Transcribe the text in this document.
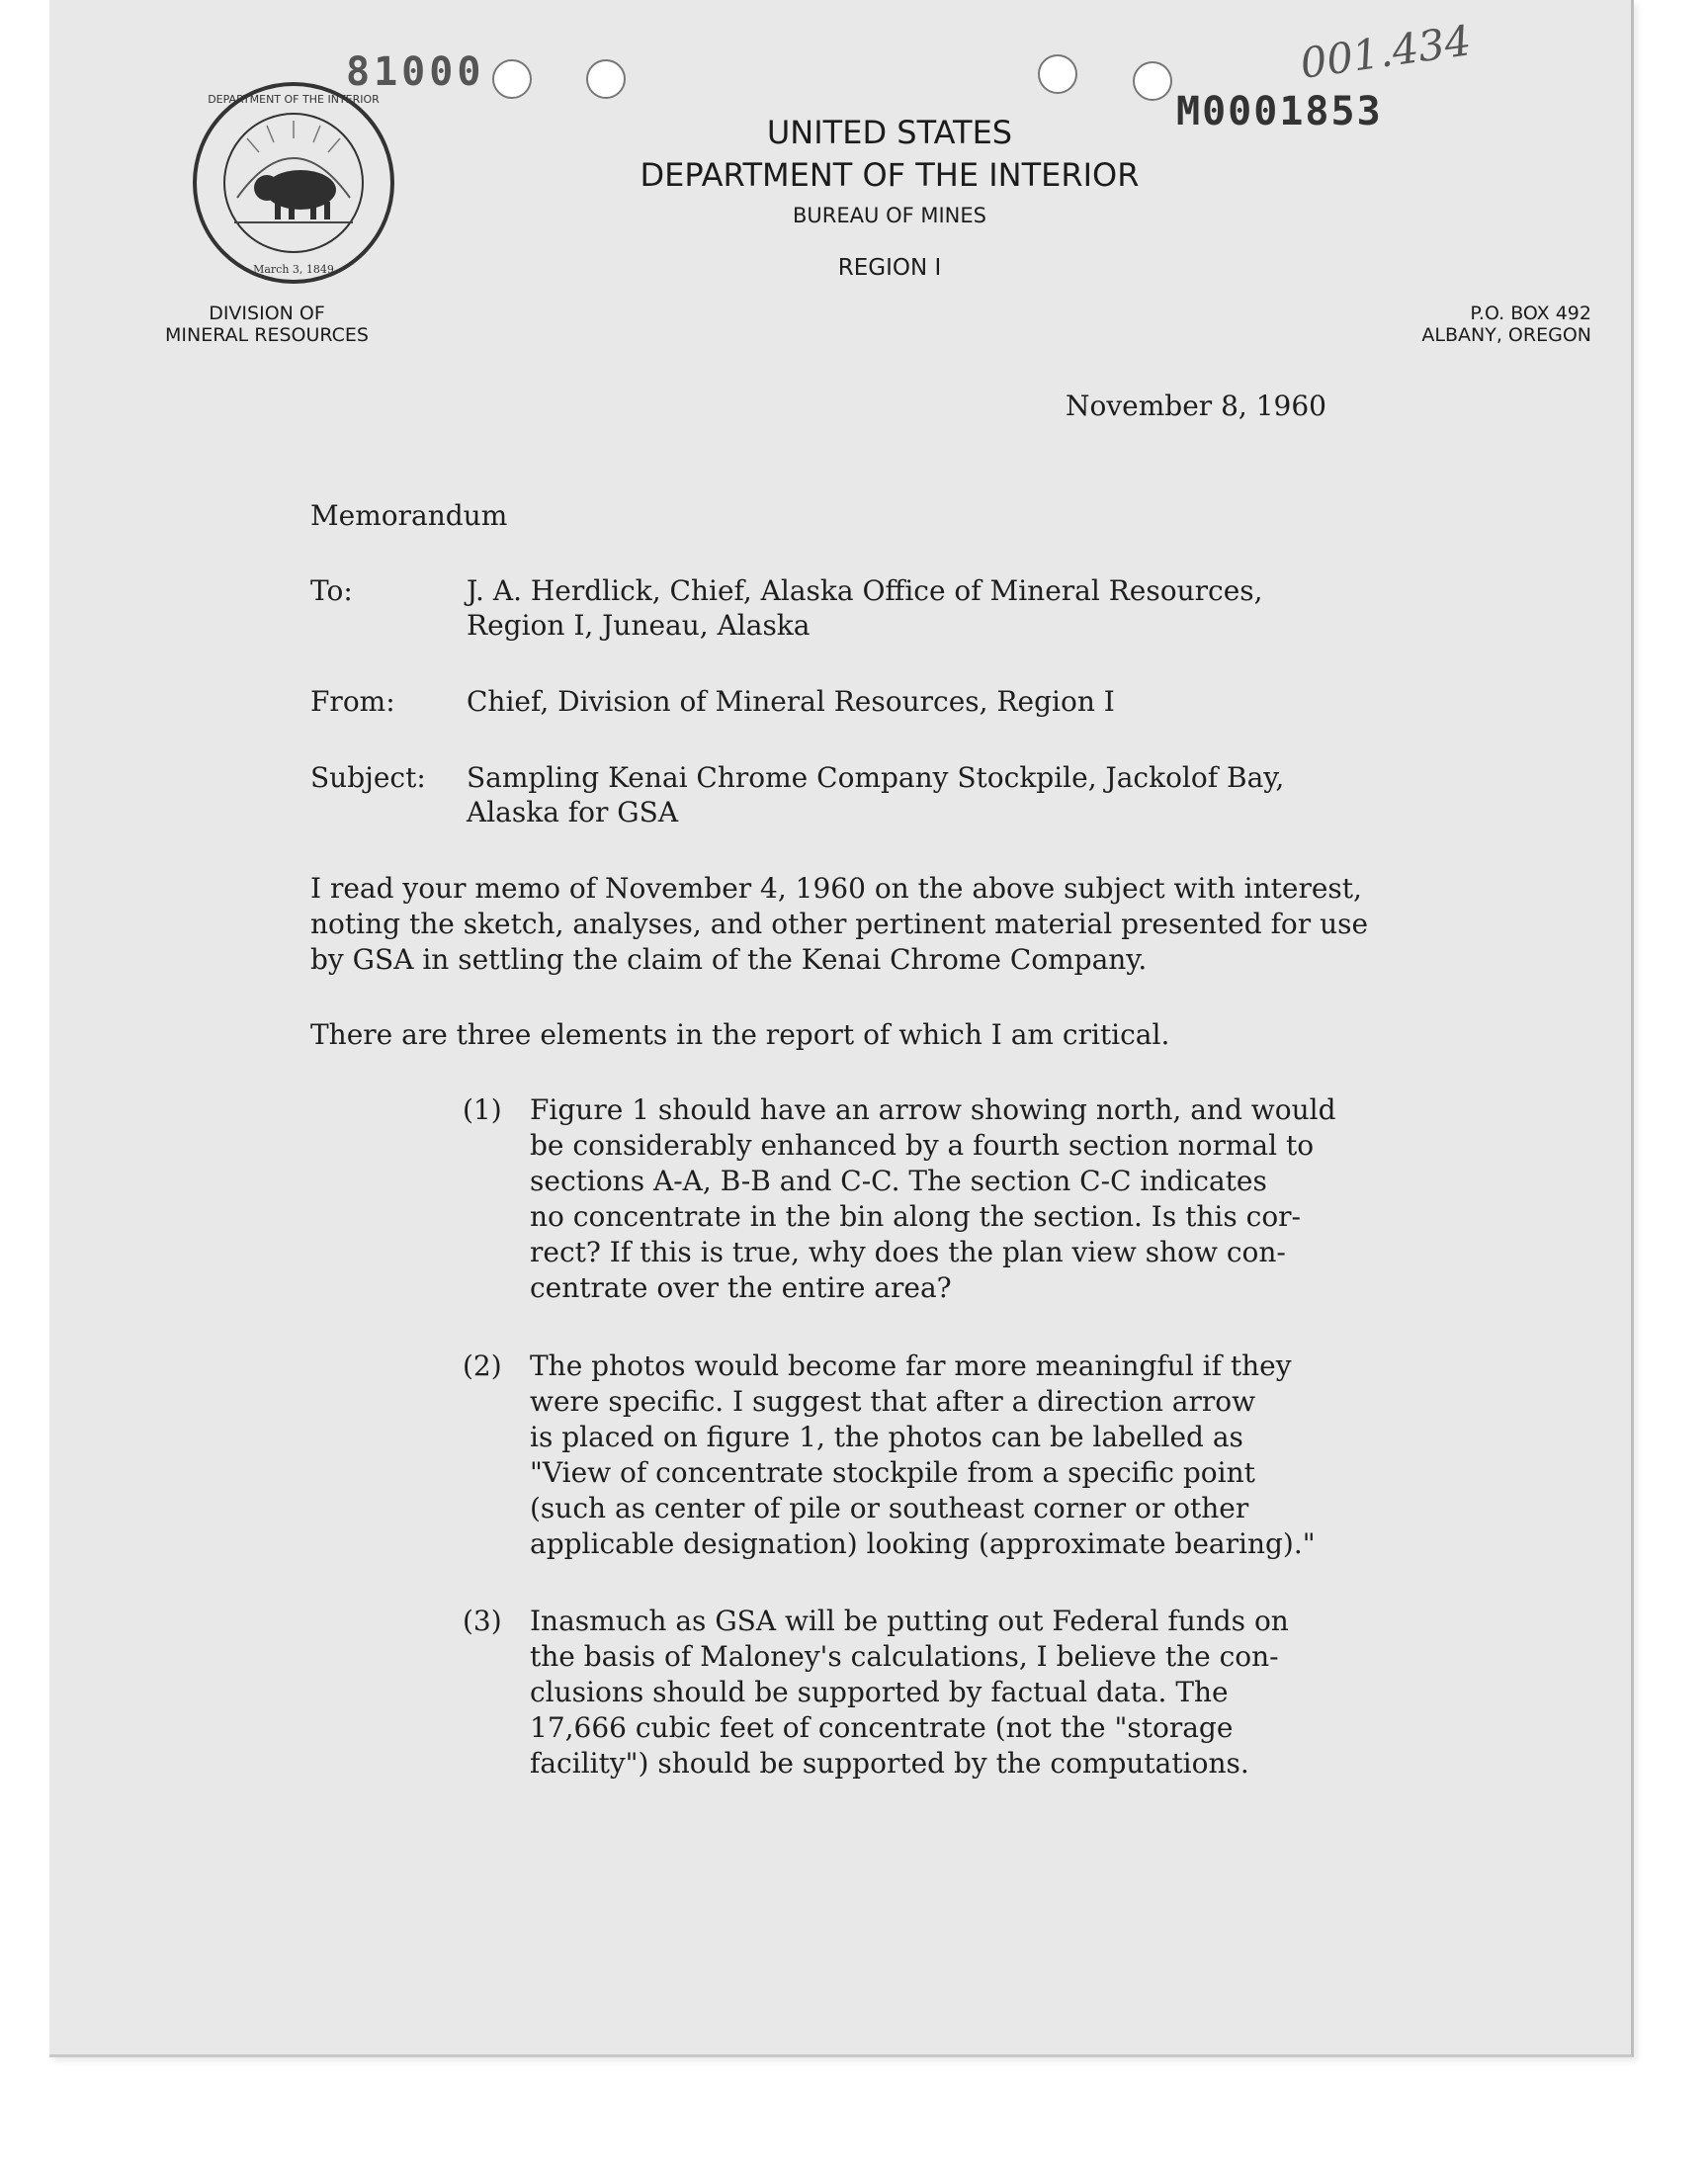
81000
M0001853
001.434
DEPARTMENT OF THE INTERIOR
March 3, 1849
UNITED STATES
DEPARTMENT OF THE INTERIOR
BUREAU OF MINES
REGION I
DIVISION OF
MINERAL RESOURCES
P.O. BOX 492
ALBANY, OREGON
November 8, 1960
Memorandum
To:	J. A. Herdlick, Chief, Alaska Office of Mineral Resources,
Region I, Juneau, Alaska
From:	Chief, Division of Mineral Resources, Region I
Subject: Sampling Kenai Chrome Company Stockpile, Jackolof Bay,
Alaska for GSA
I read your memo of November 4, 1960 on the above subject with interest,
noting the sketch, analyses, and other pertinent material presented for use
by GSA in settling the claim of the Kenai Chrome Company.
There are three elements in the report of which I am critical.
(1) Figure 1 should have an arrow showing north, and would
be considerably enhanced by a fourth section normal to
sections A-A, B-B and C-C. The section C-C indicates
no concentrate in the bin along the section. Is this cor-
rect? If this is true, why does the plan view show con-
centrate over the entire area?
(2) The photos would become far more meaningful if they
were specific. I suggest that after a direction arrow
is placed on figure 1, the photos can be labelled as
"View of concentrate stockpile from a specific point
(such as center of pile or southeast corner or other
applicable designation) looking (approximate bearing)."
(3) Inasmuch as GSA will be putting out Federal funds on
the basis of Maloney's calculations, I believe the con-
clusions should be supported by factual data. The
17,666 cubic feet of concentrate (not the "storage
facility") should be supported by the computations.
